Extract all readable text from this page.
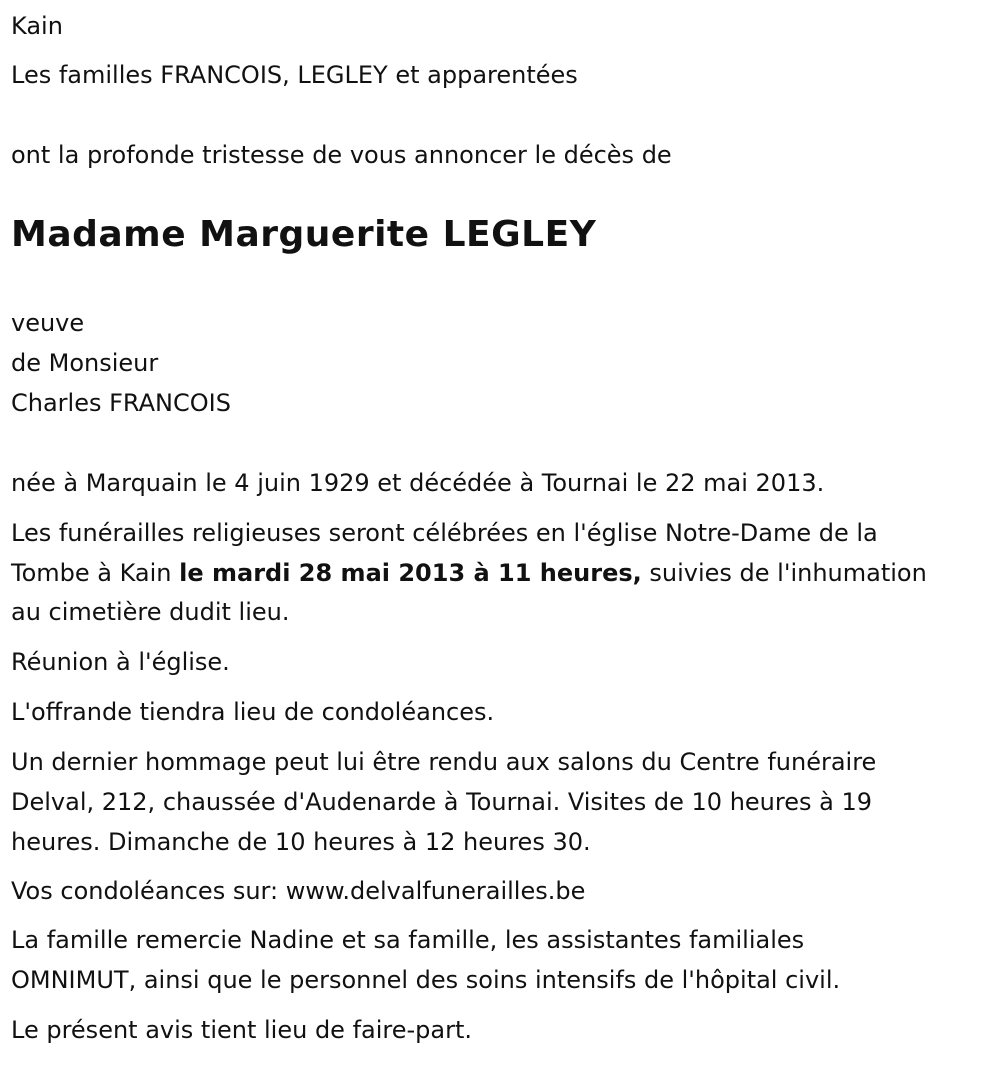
Kain

Les familles FRANCOIS, LEGLEY et apparentées

ont la profonde tristesse de vous annoncer le décès de

Madame Marguerite LEGLEY

veuve

de Monsieur

Charles FRANCOIS

née à Marquain le 4 juin 1929 et décédée à Tournai le 22 mai 2013.

Les funérailles religieuses seront célébrées en l'église Notre-Dame de la

Tombe à Kain le mardi 28 mai 2013 à 11 heures, suivies de l'inhumation

au cimetière dudit lieu.

Réunion à l'église.

L'offrande tiendra lieu de condoléances.

Un dernier hommage peut lui être rendu aux salons du Centre funéraire

Delval, 212, chaussée d'Audenarde à Tournai. Visites de 10 heures à 19

heures. Dimanche de 10 heures à 12 heures 30.

Vos condoléances sur: www.delvalfunerailles.be

La famille remercie Nadine et sa famille, les assistantes familiales

OMNIMUT, ainsi que le personnel des soins intensifs de l'hôpital civil.

Le présent avis tient lieu de faire-part.
